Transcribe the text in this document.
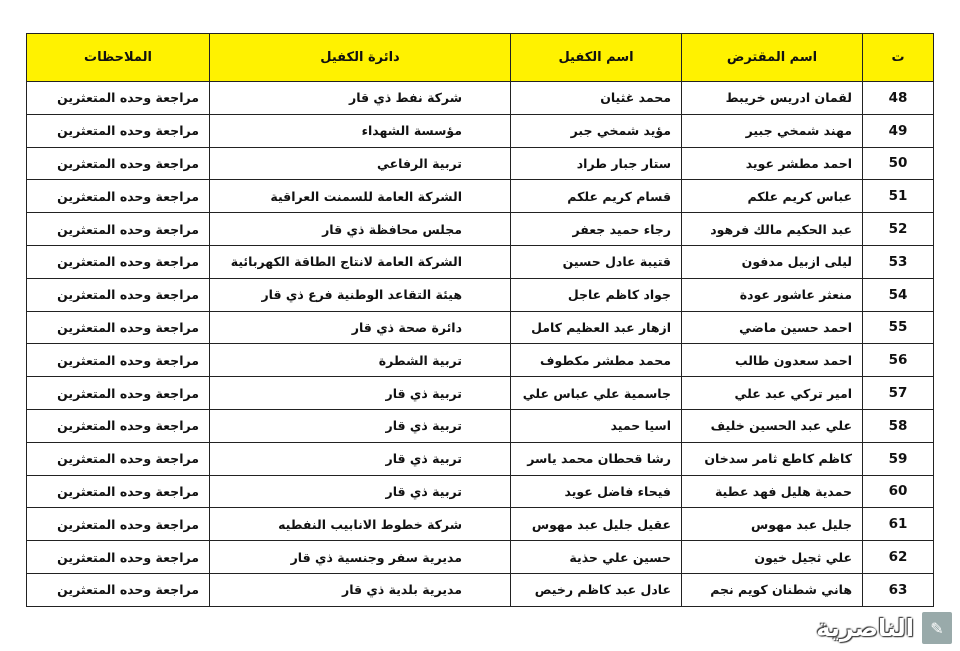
ت	اسم المقترض	اسم الكفيل	دائرة الكفيل	الملاحظات
48	لقمان ادريس خريبط	محمد غثيان	شركة نفط ذي قار	مراجعة وحده المتعثرين
49	مهند شمخي جبير	مؤيد شمخي جبر	مؤسسة الشهداء	مراجعة وحده المتعثرين
50	احمد مطشر عويد	ستار جبار طراد	تربية الرفاعي	مراجعة وحده المتعثرين
51	عباس كريم علكم	قسام كريم علكم	الشركة العامة للسمنت العراقية	مراجعة وحده المتعثرين
52	عبد الحكيم مالك فرهود	رجاء حميد جعفر	مجلس محافظة ذي قار	مراجعة وحده المتعثرين
53	ليلى ازبيل مدفون	قتيبة عادل حسين	الشركة العامة لانتاج الطاقة الكهربائية	مراجعة وحده المتعثرين
54	منعثر عاشور عودة	جواد كاظم عاجل	هيئة التقاعد الوطنية فرع ذي قار	مراجعة وحده المتعثرين
55	احمد حسين ماضي	ازهار عبد العظيم كامل	دائرة صحة ذي قار	مراجعة وحده المتعثرين
56	احمد سعدون طالب	محمد مطشر مكطوف	تربية الشطرة	مراجعة وحده المتعثرين
57	امير تركي عبد علي	جاسمية علي عباس علي	تربية ذي قار	مراجعة وحده المتعثرين
58	علي عبد الحسين خليف	اسيا حميد	تربية ذي قار	مراجعة وحده المتعثرين
59	كاظم كاطع ثامر سدخان	رشا قحطان محمد ياسر	تربية ذي قار	مراجعة وحده المتعثرين
60	حمدية هليل فهد عطية	فيحاء فاضل عويد	تربية ذي قار	مراجعة وحده المتعثرين
61	جليل عبد مهوس	عقيل جليل عبد مهوس	شركة خطوط الانابيب النفطيه	مراجعة وحده المتعثرين
62	علي ثجيل خيون	حسين علي حذية	مديرية سفر وجنسية ذي قار	مراجعة وحده المتعثرين
63	هاني شطنان كويم نجم	عادل عبد كاظم رخيص	مديرية بلدية ذي قار	مراجعة وحده المتعثرين
الناصرية	✎
